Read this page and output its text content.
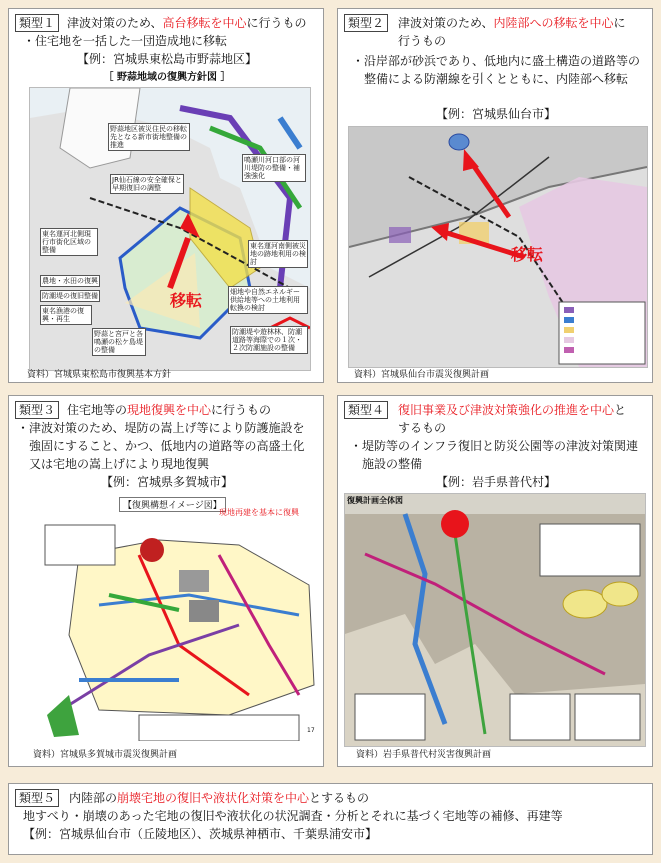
類型１ 津波対策のため、高台移転を中心に行うもの
・住宅地を一括した一団造成地に移転
【例：宮城県東松島市野蒜地区】
［ 野蒜地域の復興方針図 ］
移転
野蒜地区被災住民の移転先となる新市街地整備の推進
JR仙石線の安全確保と早期復旧の調整
東名運河北側現行市街化区域の整備
農地・水田の復興
防潮堤の復旧整備
東名漁港の復興・再生
野蒜と宮戸と各鳴瀬の松ケ島堤の整備
鳴瀬川河口部の河川堤防の整備・補強強化
東名運河南側被災地の跡地利用の検討
畑地や自然エネルギー供給地等への土地利用転換の検討
防潮堤や遊林林、防潮道路等海際での１次・２次防潮施設の整備
資料）宮城県東松島市復興基本方針
類型２	津波対策のため、内陸部への移転を中心に
行うもの
・沿岸部が砂浜であり、低地内に盛土構造の道路等の
整備による防潮線を引くとともに、内陸部へ移転
【例：宮城県仙台市】
移転
資料）宮城県仙台市震災復興計画
類型３ 住宅地等の現地復興を中心に行うもの
・津波対策のため、堤防の嵩上げ等により防護施設を
強固にすること、かつ、低地内の道路等の高盛土化
又は宅地の嵩上げにより現地復興
【例：宮城県多賀城市】
【復興構想イメージ図】
現地再建を基本に復興
17
資料）宮城県多賀城市震災復興計画
類型４	復旧事業及び津波対策強化の推進を中心と
するもの
・堤防等のインフラ復旧と防災公園等の津波対策関連
施設の整備
【例：岩手県普代村】
復興計画全体図
資料）岩手県普代村災害復興計画
類型５	内陸部の崩壊宅地の復旧や液状化対策を中心とするもの
地すべり・崩壊のあった宅地の復旧や液状化の状況調査・分析とそれに基づく宅地等の補修、再建等
【例：宮城県仙台市（丘陵地区）、茨城県神栖市、千葉県浦安市】
